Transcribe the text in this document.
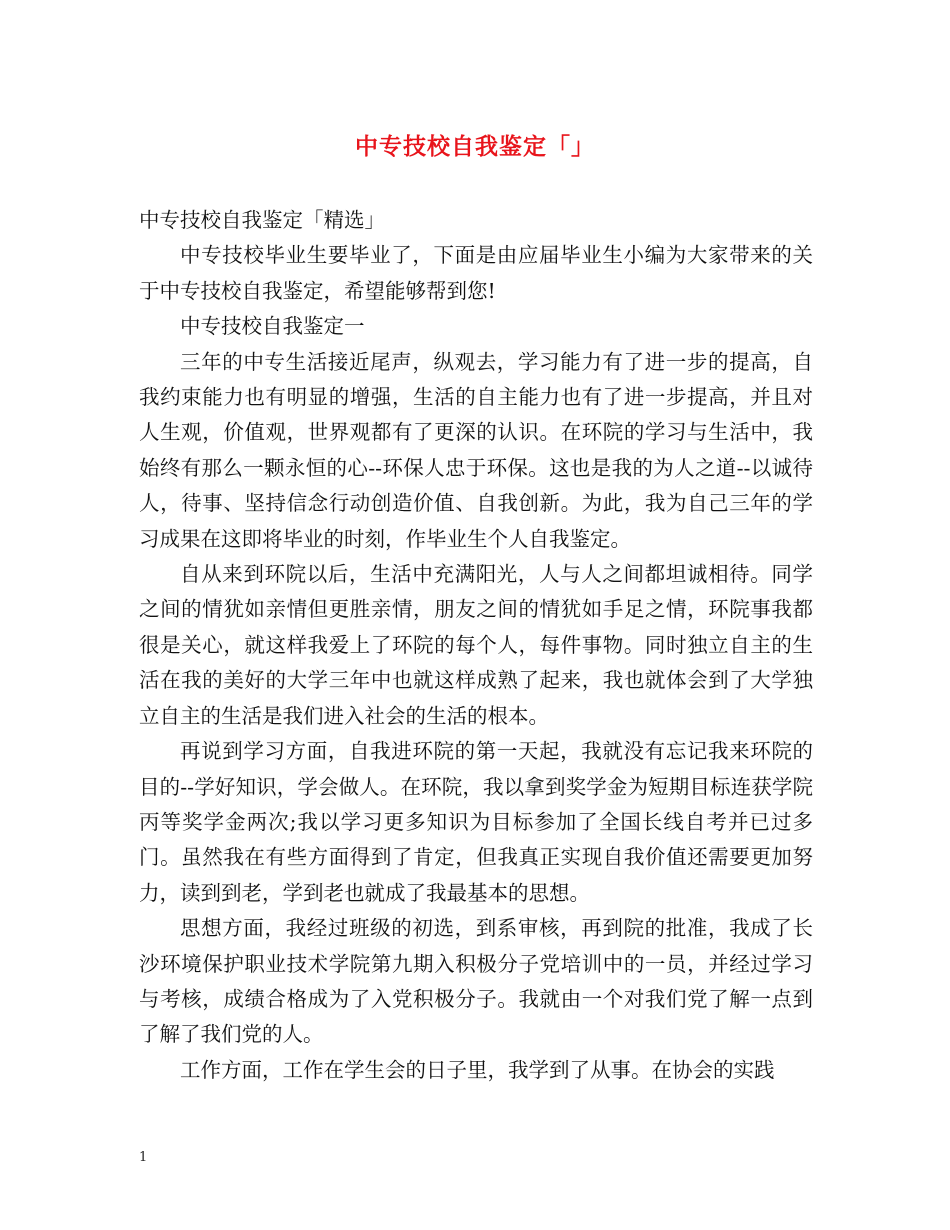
中专技校自我鉴定「」

中专技校自我鉴定「精选」

中专技校毕业生要毕业了，下面是由应届毕业生小编为大家带来的关于中专技校自我鉴定，希望能够帮到您!

中专技校自我鉴定一

三年的中专生活接近尾声，纵观去，学习能力有了进一步的提高，自我约束能力也有明显的增强，生活的自主能力也有了进一步提高，并且对人生观，价值观，世界观都有了更深的认识。在环院的学习与生活中，我始终有那么一颗永恒的心--环保人忠于环保。这也是我的为人之道--以诚待人，待事、坚持信念行动创造价值、自我创新。为此，我为自己三年的学习成果在这即将毕业的时刻，作毕业生个人自我鉴定。

自从来到环院以后，生活中充满阳光，人与人之间都坦诚相待。同学之间的情犹如亲情但更胜亲情，朋友之间的情犹如手足之情，环院事我都很是关心，就这样我爱上了环院的每个人，每件事物。同时独立自主的生活在我的美好的大学三年中也就这样成熟了起来，我也就体会到了大学独立自主的生活是我们进入社会的生活的根本。

再说到学习方面，自我进环院的第一天起，我就没有忘记我来环院的目的--学好知识，学会做人。在环院，我以拿到奖学金为短期目标连获学院丙等奖学金两次;我以学习更多知识为目标参加了全国长线自考并已过多门。虽然我在有些方面得到了肯定，但我真正实现自我价值还需要更加努力，读到到老，学到老也就成了我最基本的思想。

思想方面，我经过班级的初选，到系审核，再到院的批准，我成了长沙环境保护职业技术学院第九期入积极分子党培训中的一员，并经过学习与考核，成绩合格成为了入党积极分子。我就由一个对我们党了解一点到了解了我们党的人。

工作方面，工作在学生会的日子里，我学到了从事。在协会的实践

1
